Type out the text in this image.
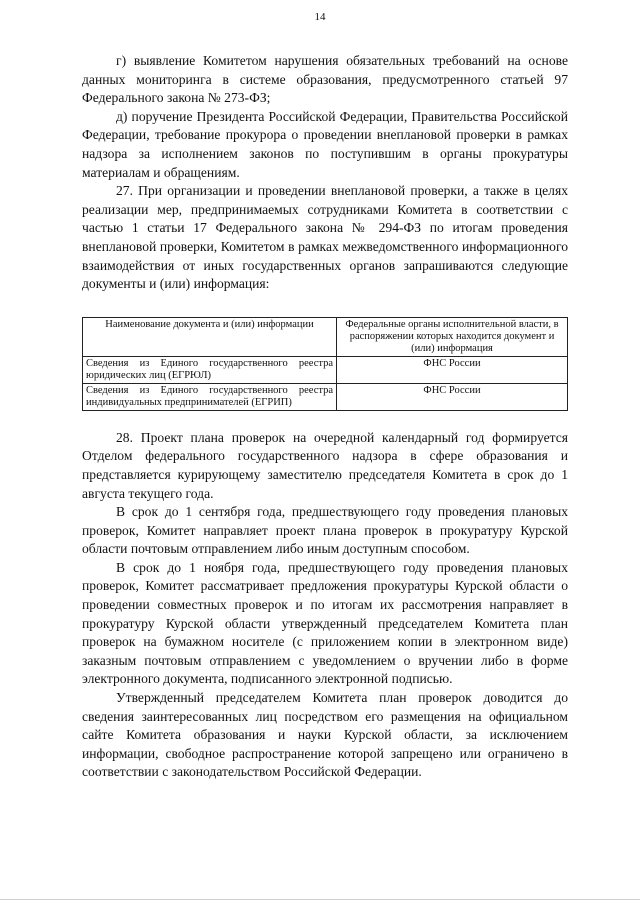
14

г) выявление Комитетом нарушения обязательных требований на основе данных мониторинга в системе образования, предусмотренного статьей 97 Федерального закона № 273-ФЗ;

д) поручение Президента Российской Федерации, Правительства Российской Федерации, требование прокурора о проведении внеплановой проверки в рамках надзора за исполнением законов по поступившим в органы прокуратуры материалам и обращениям.

27. При организации и проведении внеплановой проверки, а также в целях реализации мер, предпринимаемых сотрудниками Комитета в соответствии с частью 1 статьи 17 Федерального закона № 294-ФЗ по итогам проведения внеплановой проверки, Комитетом в рамках межведомственного информационного взаимодействия от иных государственных органов запрашиваются следующие документы и (или) информация:

Наименование документа и (или) информации	Федеральные органы исполнительной власти, в распоряжении которых находится документ и (или) информация
Сведения из Единого государственного реестра юридических лиц (ЕГРЮЛ)	ФНС России
Сведения из Единого государственного реестра индивидуальных предпринимателей (ЕГРИП)	ФНС России

28. Проект плана проверок на очередной календарный год формируется Отделом федерального государственного надзора в сфере образования и представляется курирующему заместителю председателя Комитета в срок до 1 августа текущего года.

В срок до 1 сентября года, предшествующего году проведения плановых проверок, Комитет направляет проект плана проверок в прокуратуру Курской области почтовым отправлением либо иным доступным способом.

В срок до 1 ноября года, предшествующего году проведения плановых проверок, Комитет рассматривает предложения прокуратуры Курской области о проведении совместных проверок и по итогам их рассмотрения направляет в прокуратуру Курской области утвержденный председателем Комитета план проверок на бумажном носителе (с приложением копии в электронном виде) заказным почтовым отправлением с уведомлением о вручении либо в форме электронного документа, подписанного электронной подписью.

Утвержденный председателем Комитета план проверок доводится до сведения заинтересованных лиц посредством его размещения на официальном сайте Комитета образования и науки Курской области, за исключением информации, свободное распространение которой запрещено или ограничено в соответствии с законодательством Российской Федерации.
